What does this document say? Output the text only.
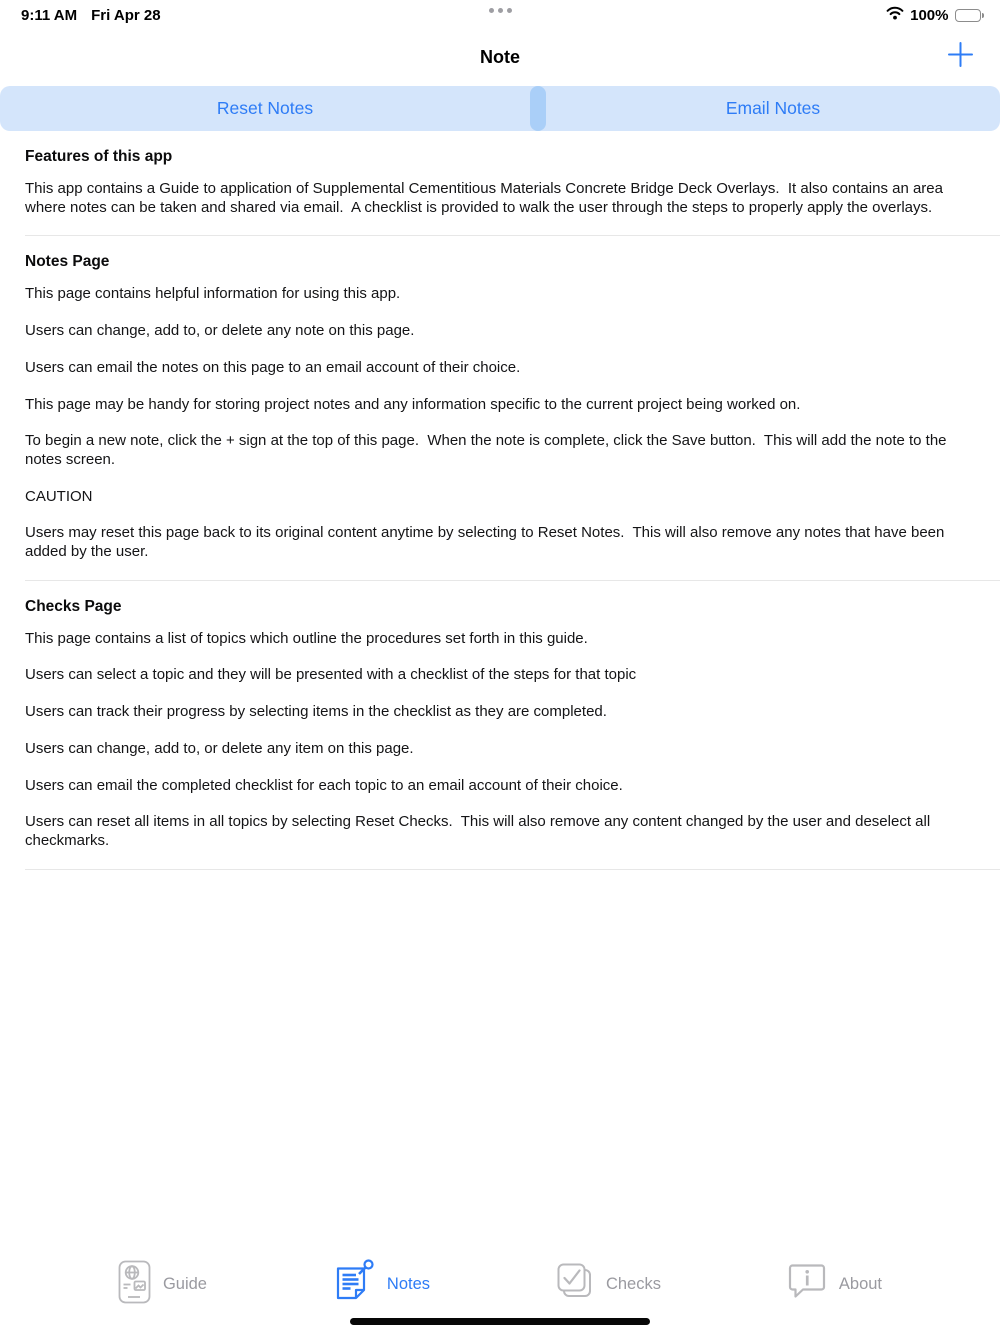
9:11 AM Fri Apr 28	100%
Note
Reset Notes	Email Notes
Features of this app

This app contains a Guide to application of Supplemental Cementitious Materials Concrete Bridge Deck Overlays.  It also contains an area where notes can be taken and shared via email.  A checklist is provided to walk the user through the steps to properly apply the overlays.

Notes Page

This page contains helpful information for using this app.

Users can change, add to, or delete any note on this page.

Users can email the notes on this page to an email account of their choice.

This page may be handy for storing project notes and any information specific to the current project being worked on.

To begin a new note, click the + sign at the top of this page.  When the note is complete, click the Save button.  This will add the note to the notes screen.

CAUTION

Users may reset this page back to its original content anytime by selecting to Reset Notes.  This will also remove any notes that have been added by the user.

Checks Page

This page contains a list of topics which outline the procedures set forth in this guide.

Users can select a topic and they will be presented with a checklist of the steps for that topic

Users can track their progress by selecting items in the checklist as they are completed.

Users can change, add to, or delete any item on this page.

Users can email the completed checklist for each topic to an email account of their choice.

Users can reset all items in all topics by selecting Reset Checks.  This will also remove any content changed by the user and deselect all checkmarks.

Guide	Notes	Checks	About
